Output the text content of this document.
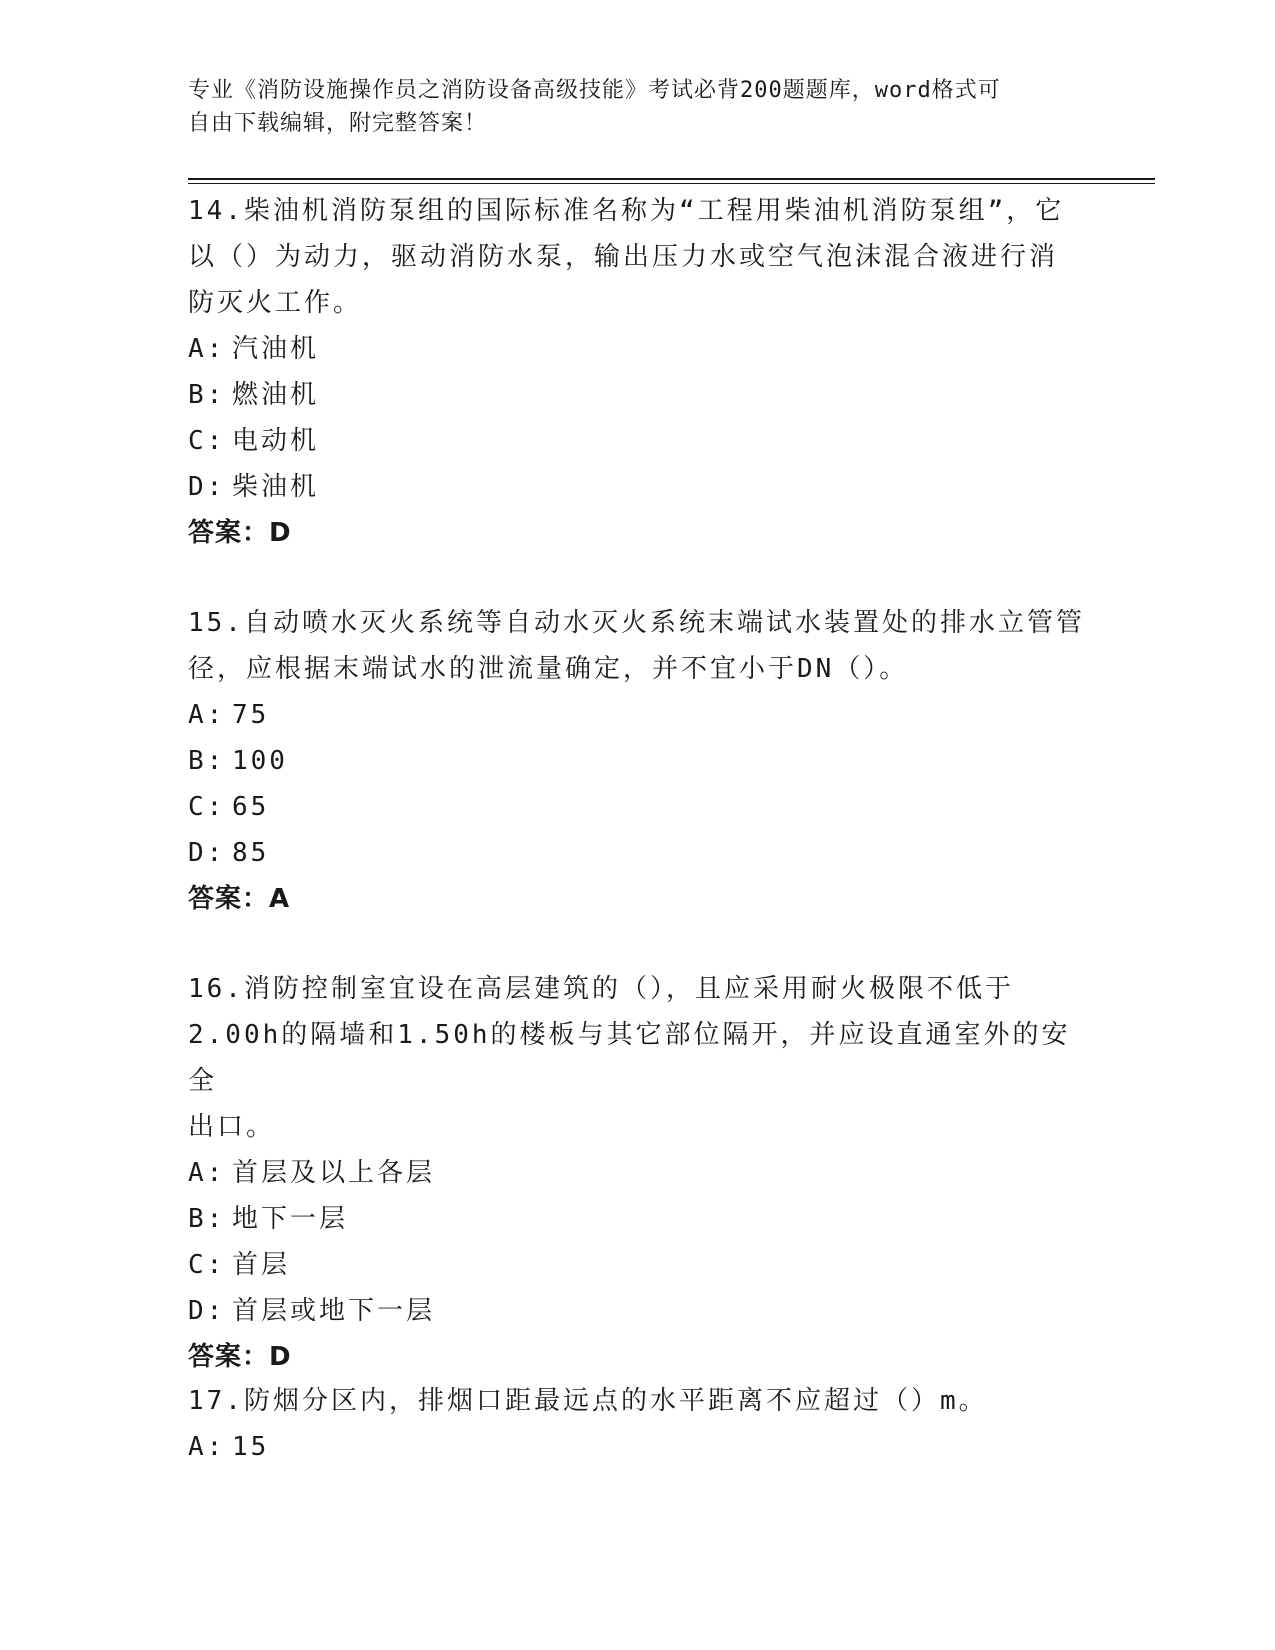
专业《消防设施操作员之消防设备高级技能》考试必背200题题库，word格式可
自由下载编辑，附完整答案！

14.柴油机消防泵组的国际标准名称为“工程用柴油机消防泵组”，它

以（）为动力，驱动消防水泵，输出压力水或空气泡沫混合液进行消

防灭火工作。

A: 汽油机

B: 燃油机

C: 电动机

D: 柴油机

答案：D

15.自动喷水灭火系统等自动水灭火系统末端试水装置处的排水立管管

径，应根据末端试水的泄流量确定，并不宜小于DN（）。

A: 75

B: 100

C: 65

D: 85

答案：A

16.消防控制室宜设在高层建筑的（），且应采用耐火极限不低于

2.00h的隔墙和1.50h的楼板与其它部位隔开，并应设直通室外的安全

出口。

A: 首层及以上各层

B: 地下一层

C: 首层

D: 首层或地下一层

答案：D

17.防烟分区内，排烟口距最远点的水平距离不应超过（）m。

A: 15
